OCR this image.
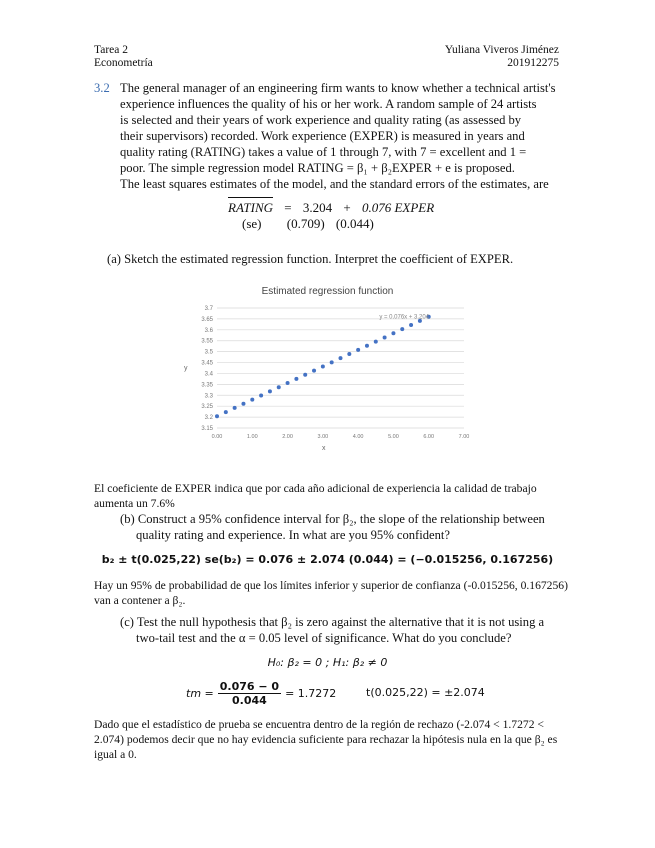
Tarea 2
Econometría
Yuliana Viveros Jiménez
201912275
3.2 The general manager of an engineering firm wants to know whether a technical artist's
experience influences the quality of his or her work. A random sample of 24 artists
is selected and their years of work experience and quality rating (as assessed by
their supervisors) recorded. Work experience (EXPER) is measured in years and
quality rating (RATING) takes a value of 1 through 7, with 7 = excellent and 1 =
poor. The simple regression model RATING = β₁ + β₂EXPER + e is proposed.
The least squares estimates of the model, and the standard errors of the estimates, are
RATING = 3.204 + 0.076 EXPER
(se) (0.709) (0.044)
(a) Sketch the estimated regression function. Interpret the coefficient of EXPER.
Estimated regression function
3.15
3.2
3.25
3.3
3.35
3.4
3.45
3.5
3.55
3.6
3.65
3.7
0.00	1.00	2.00	3.00	4.00	5.00	6.00	7.00
y
x
y = 0.076x + 3.204
El coeficiente de EXPER indica que por cada año adicional de experiencia la calidad de trabajo
aumenta un 7.6%
(b) Construct a 95% confidence interval for β₂, the slope of the relationship between
quality rating and experience. In what are you 95% confident?
b₂ ± t(0.025,22) se(b₂) = 0.076 ± 2.074 (0.044) = (−0.015256, 0.167256)
Hay un 95% de probabilidad de que los límites inferior y superior de confianza (-0.015256, 0.167256)
van a contener a β₂.
(c) Test the null hypothesis that β₂ is zero against the alternative that it is not using a
two-tail test and the α = 0.05 level of significance. What do you conclude?
H₀: β₂ = 0 ; H₁: β₂ ≠ 0
tm = $\frac{0.076 - 0}{0.044} = 1.7272$	t(0.025,22) = ±2.074
Dado que el estadístico de prueba se encuentra dentro de la región de rechazo (-2.074 < 1.7272 <
2.074) podemos decir que no hay evidencia suficiente para rechazar la hipótesis nula en la que β₂ es
igual a 0.
